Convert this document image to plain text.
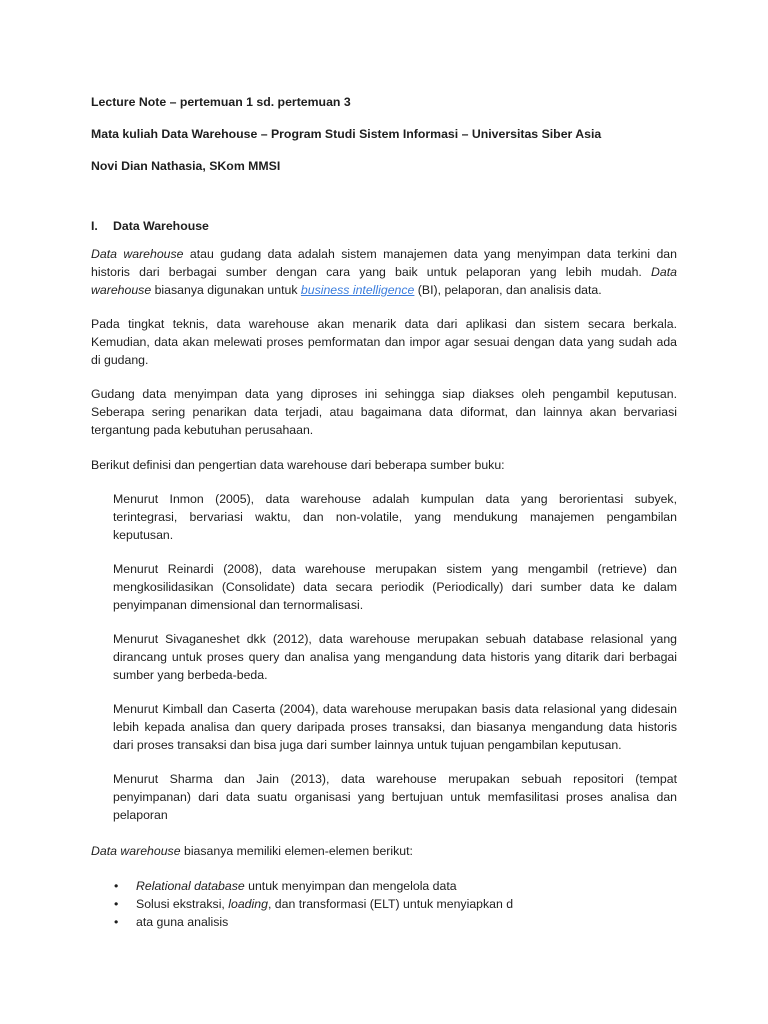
Lecture Note – pertemuan 1 sd. pertemuan 3
Mata kuliah Data Warehouse – Program Studi Sistem Informasi – Universitas Siber Asia
Novi Dian Nathasia, SKom MMSI
I. Data Warehouse
Data warehouse atau gudang data adalah sistem manajemen data yang menyimpan data terkini dan
historis dari berbagai sumber dengan cara yang baik untuk pelaporan yang lebih mudah. Data
warehouse biasanya digunakan untuk business intelligence (BI), pelaporan, dan analisis data.
Pada tingkat teknis, data warehouse akan menarik data dari aplikasi dan sistem secara berkala.
Kemudian, data akan melewati proses pemformatan dan impor agar sesuai dengan data yang sudah ada
di gudang.
Gudang data menyimpan data yang diproses ini sehingga siap diakses oleh pengambil keputusan.
Seberapa sering penarikan data terjadi, atau bagaimana data diformat, dan lainnya akan bervariasi
tergantung pada kebutuhan perusahaan.
Berikut definisi dan pengertian data warehouse dari beberapa sumber buku:
Menurut Inmon (2005), data warehouse adalah kumpulan data yang berorientasi subyek,
terintegrasi, bervariasi waktu, dan non-volatile, yang mendukung manajemen pengambilan
keputusan.
Menurut Reinardi (2008), data warehouse merupakan sistem yang mengambil (retrieve) dan
mengkosilidasikan (Consolidate) data secara periodik (Periodically) dari sumber data ke dalam
penyimpanan dimensional dan ternormalisasi.
Menurut Sivaganeshet dkk (2012), data warehouse merupakan sebuah database relasional yang
dirancang untuk proses query dan analisa yang mengandung data historis yang ditarik dari berbagai
sumber yang berbeda-beda.
Menurut Kimball dan Caserta (2004), data warehouse merupakan basis data relasional yang didesain
lebih kepada analisa dan query daripada proses transaksi, dan biasanya mengandung data historis
dari proses transaksi dan bisa juga dari sumber lainnya untuk tujuan pengambilan keputusan.
Menurut Sharma dan Jain (2013), data warehouse merupakan sebuah repositori (tempat
penyimpanan) dari data suatu organisasi yang bertujuan untuk memfasilitasi proses analisa dan
pelaporan
Data warehouse biasanya memiliki elemen-elemen berikut:
• Relational database untuk menyimpan dan mengelola data
• Solusi ekstraksi, loading, dan transformasi (ELT) untuk menyiapkan d
• ata guna analisis
